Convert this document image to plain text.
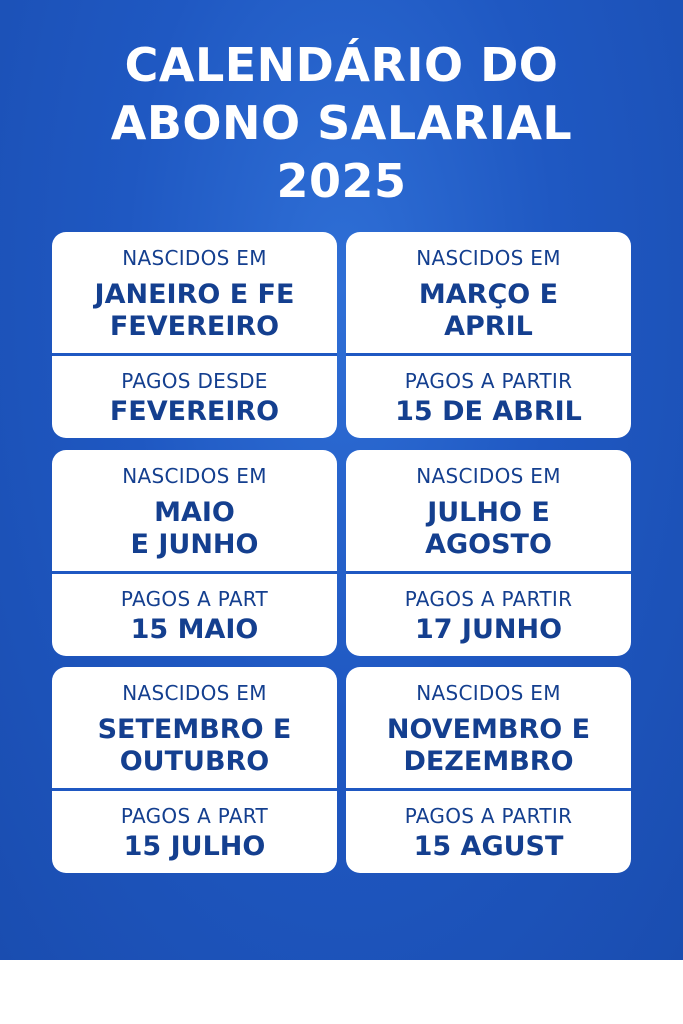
CALENDÁRIO DO
ABONO SALARIAL
2025
NASCIDOS EM
JANEIRO E FE
FEVEREIRO
PAGOS DESDE
FEVEREIRO
NASCIDOS EM
MARÇO E
APRIL
PAGOS A PARTIR
15 DE ABRIL
NASCIDOS EM
MAIO
E JUNHO
PAGOS A PART
15 MAIO
NASCIDOS EM
JULHO E
AGOSTO
PAGOS A PARTIR
17 JUNHO
NASCIDOS EM
SETEMBRO E
OUTUBRO
PAGOS A PART
15 JULHO
NASCIDOS EM
NOVEMBRO E
DEZEMBRO
PAGOS A PARTIR
15 AGUST
